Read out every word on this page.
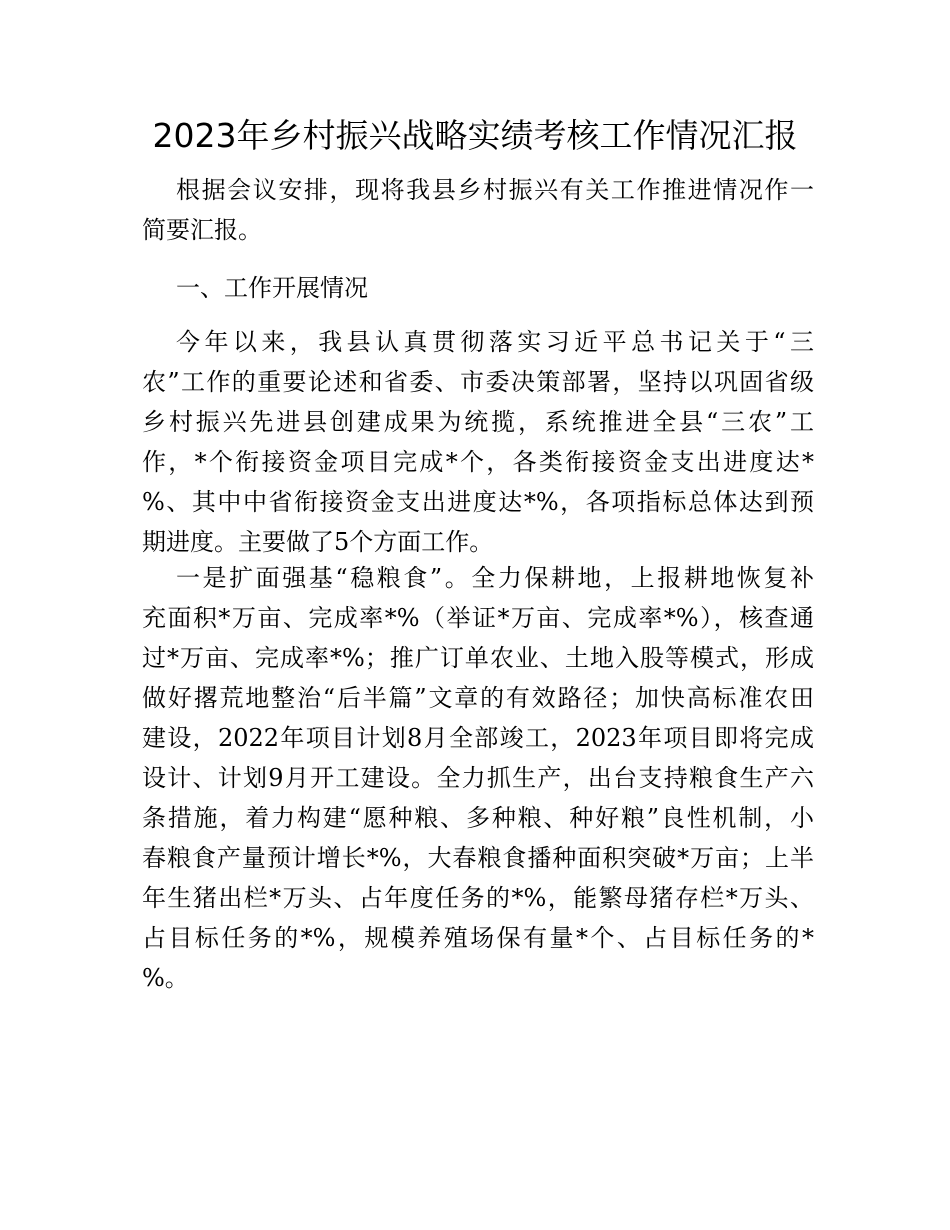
2023年乡村振兴战略实绩考核工作情况汇报
根据会议安排，现将我县乡村振兴有关工作推进情况作一
简要汇报。
一、工作开展情况
今年以来，我县认真贯彻落实习近平总书记关于“三
农”工作的重要论述和省委、市委决策部署，坚持以巩固省级
乡村振兴先进县创建成果为统揽，系统推进全县“三农”工
作，*个衔接资金项目完成*个，各类衔接资金支出进度达*
%、其中中省衔接资金支出进度达*%，各项指标总体达到预
期进度。主要做了5个方面工作。
一是扩面强基“稳粮食”。全力保耕地，上报耕地恢复补
充面积*万亩、完成率*%（举证*万亩、完成率*%），核查通
过*万亩、完成率*%；推广订单农业、土地入股等模式，形成
做好撂荒地整治“后半篇”文章的有效路径；加快高标准农田
建设，2022年项目计划8月全部竣工，2023年项目即将完成
设计、计划9月开工建设。全力抓生产，出台支持粮食生产六
条措施，着力构建“愿种粮、多种粮、种好粮”良性机制，小
春粮食产量预计增长*%，大春粮食播种面积突破*万亩；上半
年生猪出栏*万头、占年度任务的*%，能繁母猪存栏*万头、
占目标任务的*%，规模养殖场保有量*个、占目标任务的*
%。
